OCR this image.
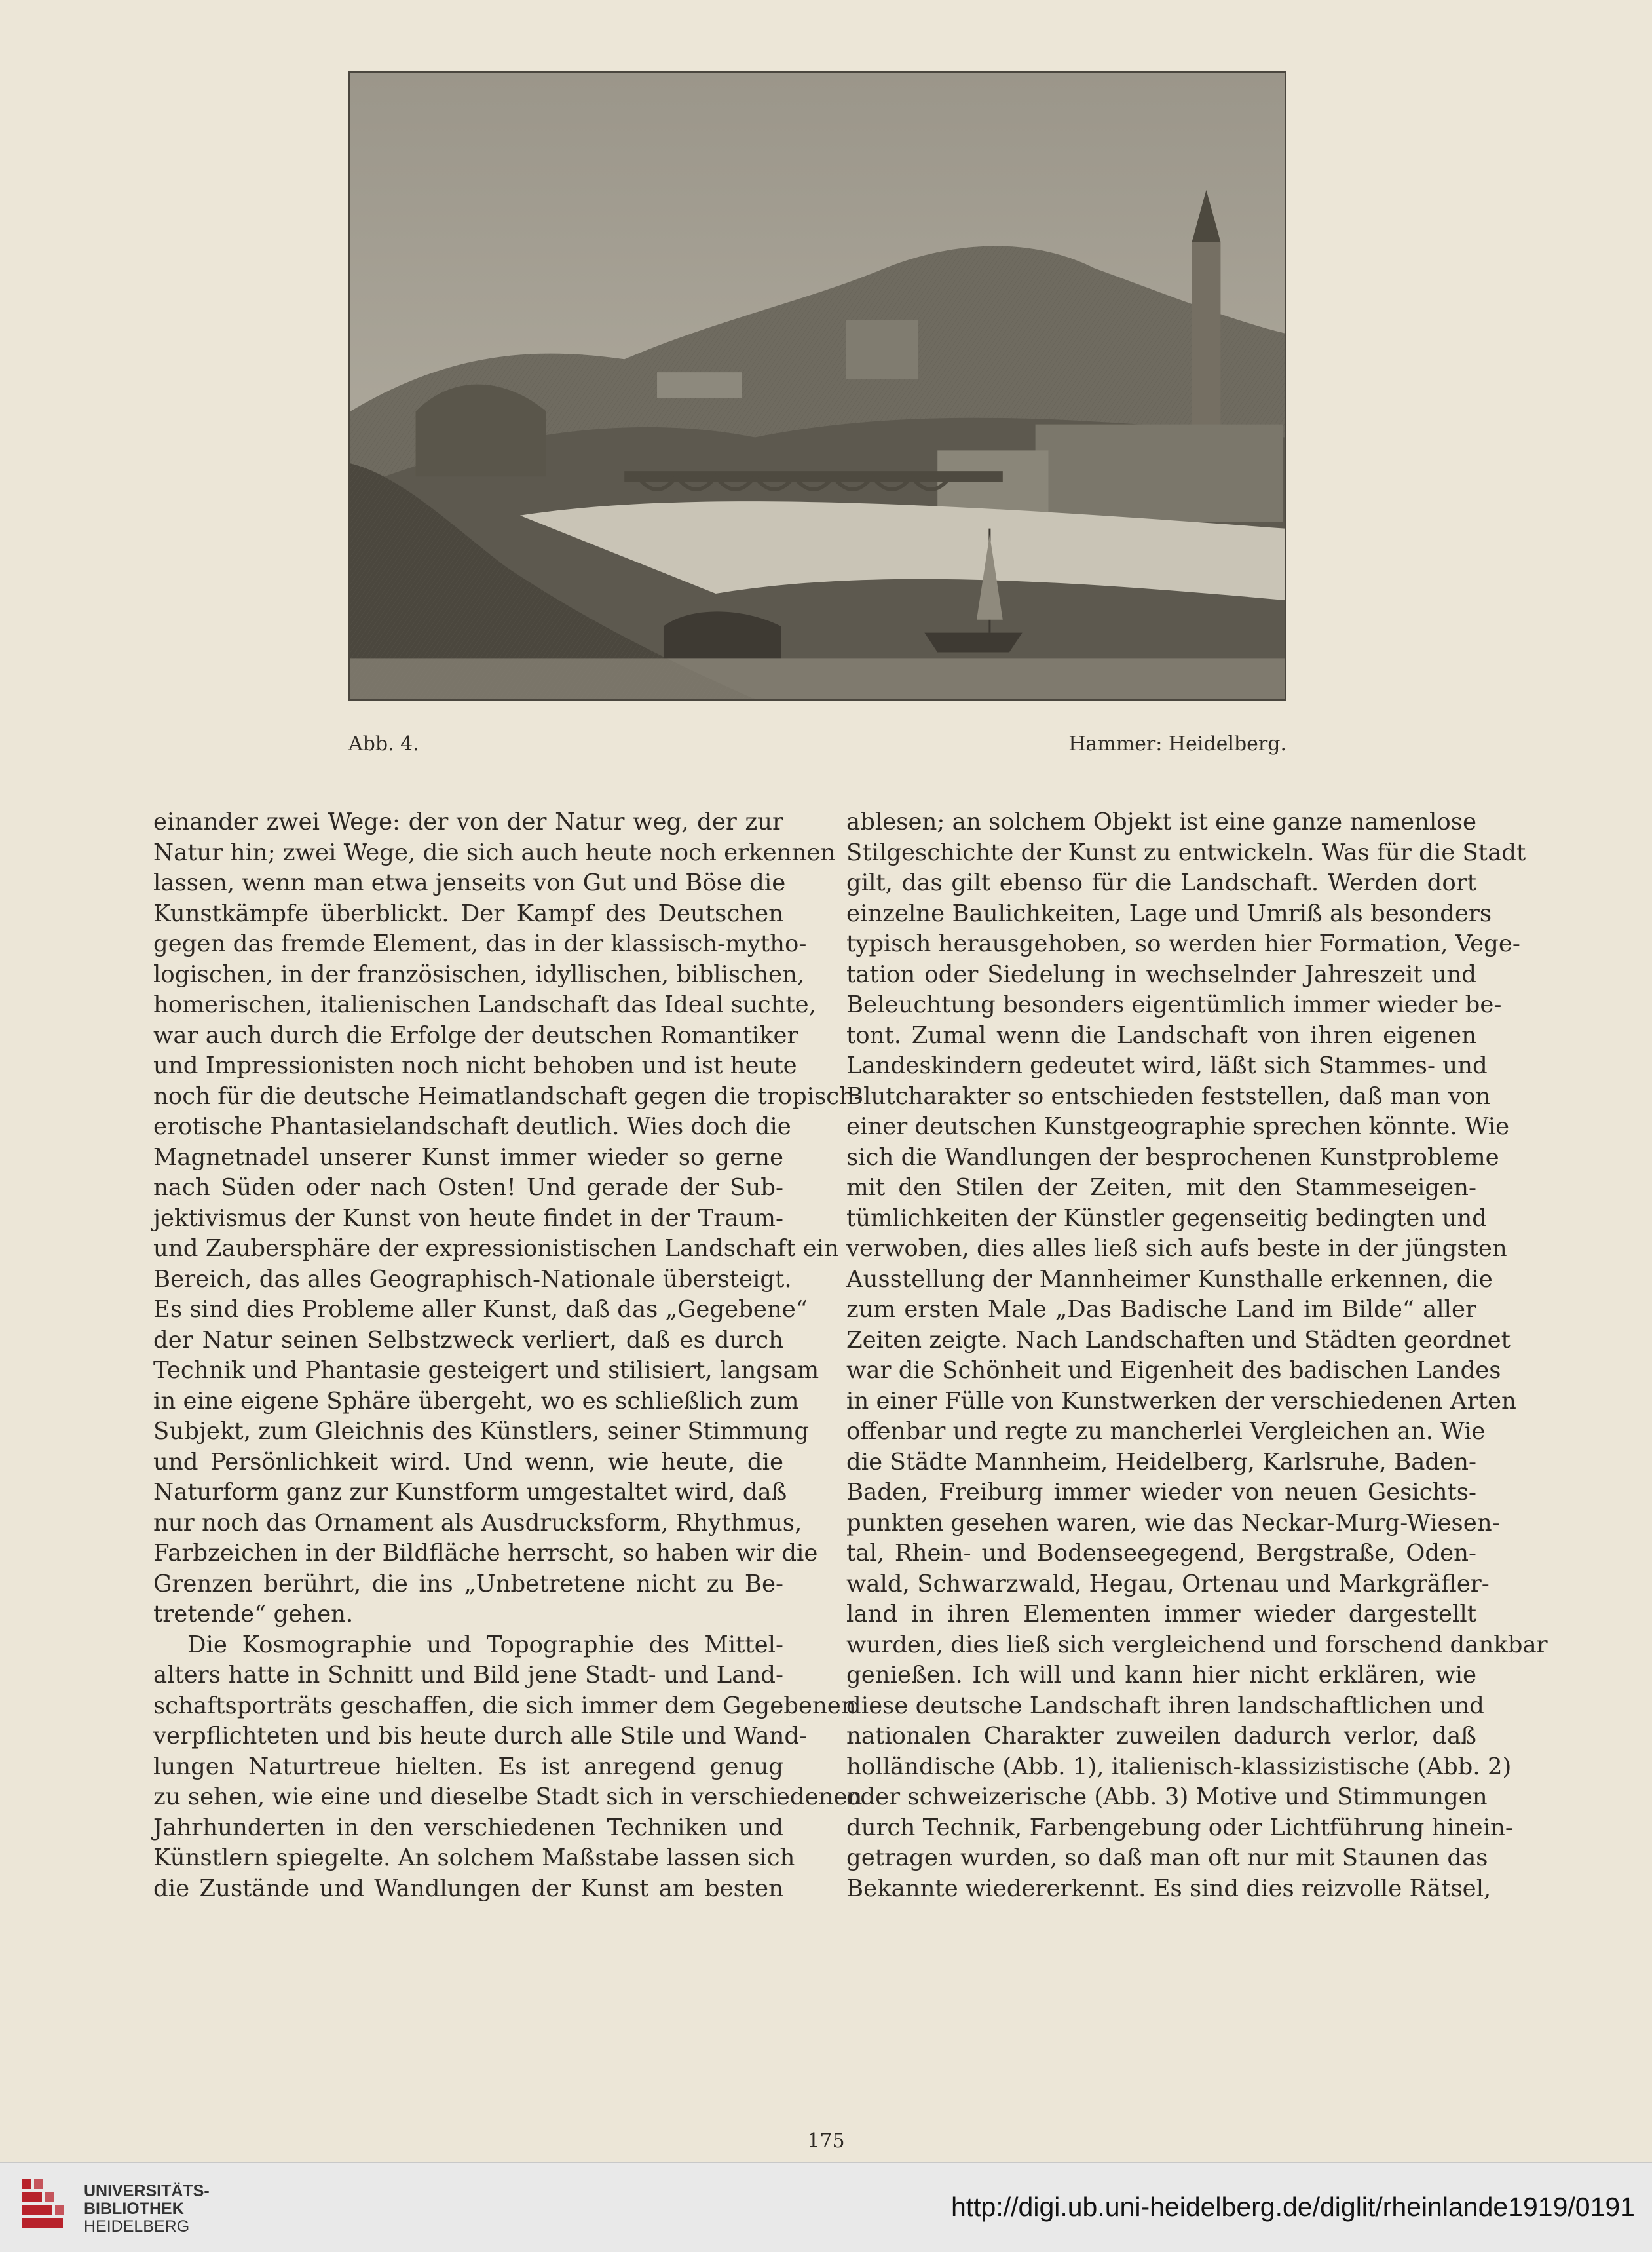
Abb. 4.	Hammer: Heidelberg.
einander zwei Wege: der von der Natur weg, der zur
Natur hin; zwei Wege, die sich auch heute noch erkennen
lassen, wenn man etwa jenseits von Gut und Böse die
Kunstkämpfe überblickt. Der Kampf des Deutschen
gegen das fremde Element, das in der klassisch-mytho-
logischen, in der französischen, idyllischen, biblischen,
homerischen, italienischen Landschaft das Ideal suchte,
war auch durch die Erfolge der deutschen Romantiker
und Impressionisten noch nicht behoben und ist heute
noch für die deutsche Heimatlandschaft gegen die tropisch-
erotische Phantasielandschaft deutlich. Wies doch die
Magnetnadel unserer Kunst immer wieder so gerne
nach Süden oder nach Osten! Und gerade der Sub-
jektivismus der Kunst von heute findet in der Traum-
und Zaubersphäre der expressionistischen Landschaft ein
Bereich, das alles Geographisch-Nationale übersteigt.
Es sind dies Probleme aller Kunst, daß das „Gegebene“
der Natur seinen Selbstzweck verliert, daß es durch
Technik und Phantasie gesteigert und stilisiert, langsam
in eine eigene Sphäre übergeht, wo es schließlich zum
Subjekt, zum Gleichnis des Künstlers, seiner Stimmung
und Persönlichkeit wird. Und wenn, wie heute, die
Naturform ganz zur Kunstform umgestaltet wird, daß
nur noch das Ornament als Ausdrucksform, Rhythmus,
Farbzeichen in der Bildfläche herrscht, so haben wir die
Grenzen berührt, die ins „Unbetretene nicht zu Be-
tretende“ gehen.
Die Kosmographie und Topographie des Mittel-
alters hatte in Schnitt und Bild jene Stadt- und Land-
schaftsporträts geschaffen, die sich immer dem Gegebenen
verpflichteten und bis heute durch alle Stile und Wand-
lungen Naturtreue hielten. Es ist anregend genug
zu sehen, wie eine und dieselbe Stadt sich in verschiedenen
Jahrhunderten in den verschiedenen Techniken und
Künstlern spiegelte. An solchem Maßstabe lassen sich
die Zustände und Wandlungen der Kunst am besten
ablesen; an solchem Objekt ist eine ganze namenlose
Stilgeschichte der Kunst zu entwickeln. Was für die Stadt
gilt, das gilt ebenso für die Landschaft. Werden dort
einzelne Baulichkeiten, Lage und Umriß als besonders
typisch herausgehoben, so werden hier Formation, Vege-
tation oder Siedelung in wechselnder Jahreszeit und
Beleuchtung besonders eigentümlich immer wieder be-
tont. Zumal wenn die Landschaft von ihren eigenen
Landeskindern gedeutet wird, läßt sich Stammes- und
Blutcharakter so entschieden feststellen, daß man von
einer deutschen Kunstgeographie sprechen könnte. Wie
sich die Wandlungen der besprochenen Kunstprobleme
mit den Stilen der Zeiten, mit den Stammeseigen-
tümlichkeiten der Künstler gegenseitig bedingten und
verwoben, dies alles ließ sich aufs beste in der jüngsten
Ausstellung der Mannheimer Kunsthalle erkennen, die
zum ersten Male „Das Badische Land im Bilde“ aller
Zeiten zeigte. Nach Landschaften und Städten geordnet
war die Schönheit und Eigenheit des badischen Landes
in einer Fülle von Kunstwerken der verschiedenen Arten
offenbar und regte zu mancherlei Vergleichen an. Wie
die Städte Mannheim, Heidelberg, Karlsruhe, Baden-
Baden, Freiburg immer wieder von neuen Gesichts-
punkten gesehen waren, wie das Neckar-Murg-Wiesen-
tal, Rhein- und Bodenseegegend, Bergstraße, Oden-
wald, Schwarzwald, Hegau, Ortenau und Markgräfler-
land in ihren Elementen immer wieder dargestellt
wurden, dies ließ sich vergleichend und forschend dankbar
genießen. Ich will und kann hier nicht erklären, wie
diese deutsche Landschaft ihren landschaftlichen und
nationalen Charakter zuweilen dadurch verlor, daß
holländische (Abb. 1), italienisch-klassizistische (Abb. 2)
oder schweizerische (Abb. 3) Motive und Stimmungen
durch Technik, Farbengebung oder Lichtführung hinein-
getragen wurden, so daß man oft nur mit Staunen das
Bekannte wiedererkennt. Es sind dies reizvolle Rätsel,
175
UNIVERSITÄTS-
BIBLIOTHEK
HEIDELBERG
http://digi.ub.uni-heidelberg.de/diglit/rheinlande1919/0191
